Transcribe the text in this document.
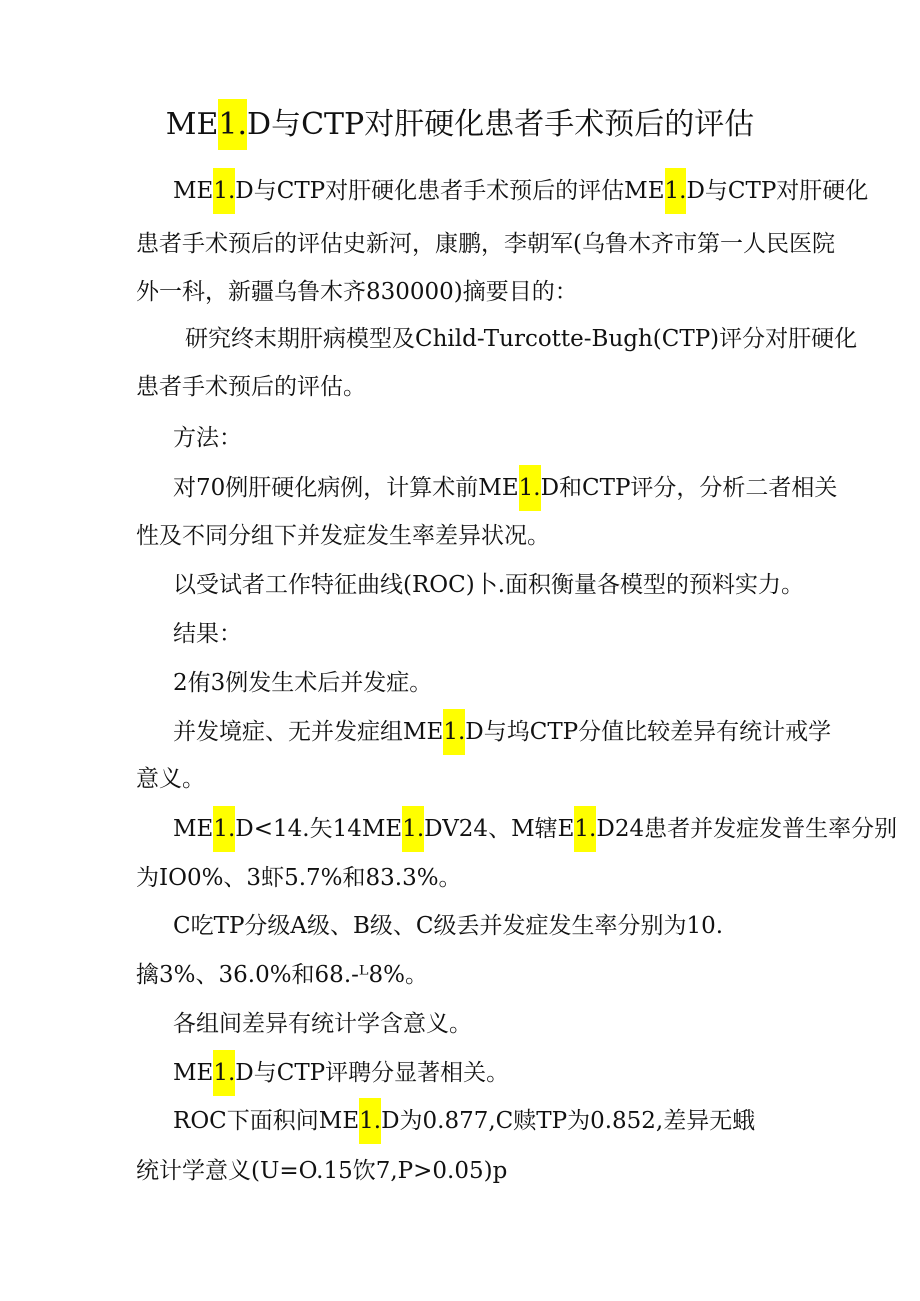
ME1.D与CTP对肝硬化患者手术预后的评估
ME1.D与CTP对肝硬化患者手术预后的评估ME1.D与CTP对肝硬化
患者手术预后的评估史新河，康鹏，李朝军(乌鲁木齐市第一人民医院
外一科，新疆乌鲁木齐830000)摘要目的：
研究终末期肝病模型及Child-Turcotte-Bugh(CTP)评分对肝硬化
患者手术预后的评估。
方法：
对70例肝硬化病例，计算术前ME1.D和CTP评分，分析二者相关
性及不同分组下并发症发生率差异状况。
以受试者工作特征曲线(ROC)卜.面积衡量各模型的预料实力。
结果：
2侑3例发生术后并发症。
并发境症、无并发症组ME1.D与坞CTP分值比较差异有统计戒学
意义。
ME1.D<14.矢14ME1.DV24、M辖E1.D24患者并发症发普生率分别
为IO0%、3虾5.7%和83.3%。
C吃TP分级A级、B级、C级丢并发症发生率分别为10.
擒3%、36.0%和68.-ᴸ8%。
各组间差异有统计学含意义。
ME1.D与CTP评聘分显著相关。
ROC下面积问ME1.D为0.877,C赎TP为0.852,差异无蛾
统计学意义(U=O.15饮7,P>0.05)p
